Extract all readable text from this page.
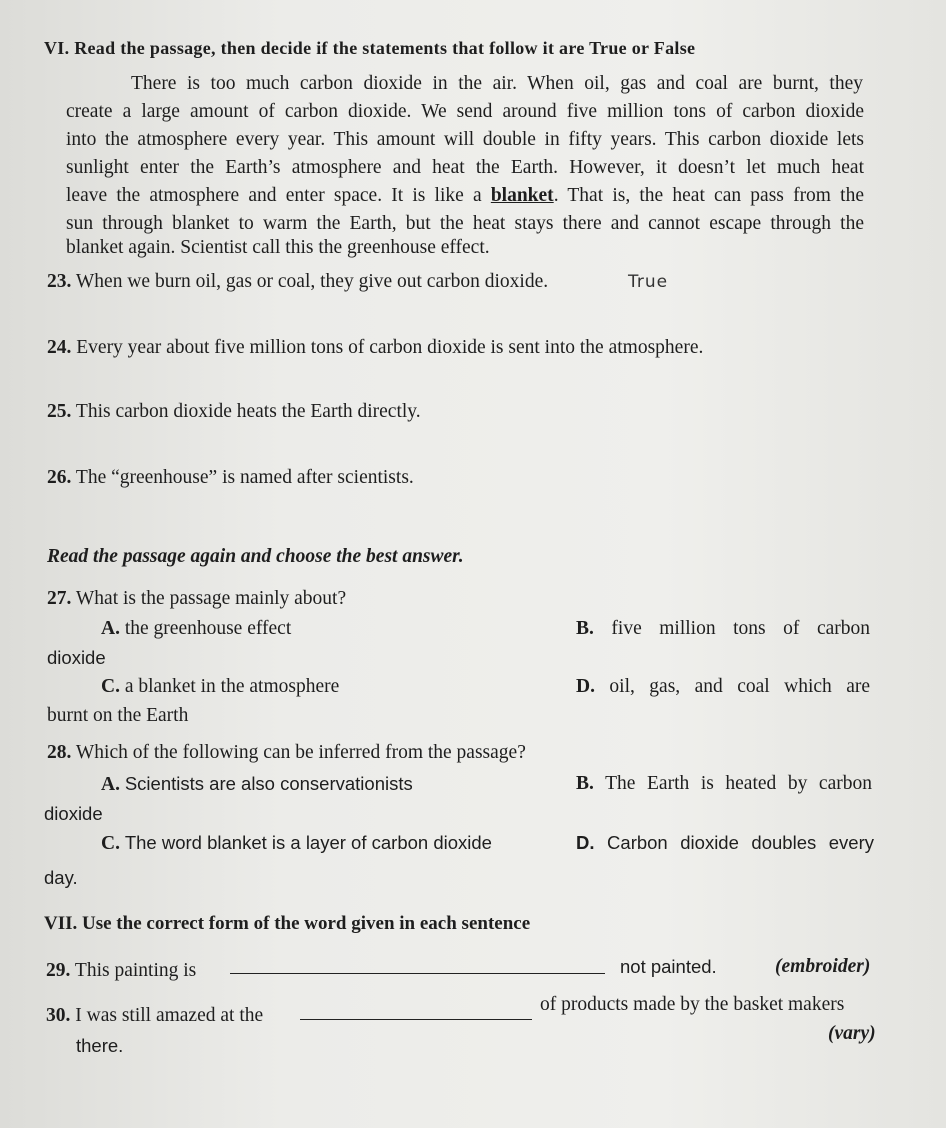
VI. Read the passage, then decide if the statements that follow it are True or False
There is too much carbon dioxide in the air. When oil, gas and coal are burnt, they
create a large amount of carbon dioxide. We send around five million tons of carbon dioxide
into the atmosphere every year. This amount will double in fifty years. This carbon dioxide lets
sunlight enter the Earth’s atmosphere and heat the Earth. However, it doesn’t let much heat
leave the atmosphere and enter space. It is like a blanket. That is, the heat can pass from the
sun through blanket to warm the Earth, but the heat stays there and cannot escape through the
blanket again. Scientist call this the greenhouse effect.
23. When we burn oil, gas or coal, they give out carbon dioxide.	True
24. Every year about five million tons of carbon dioxide is sent into the atmosphere.
25. This carbon dioxide heats the Earth directly.
26. The “greenhouse” is named after scientists.
Read the passage again and choose the best answer.
27. What is the passage mainly about?
A. the greenhouse effect	B. five million tons of carbon
dioxide
C. a blanket in the atmosphere	D. oil, gas, and coal which are
burnt on the Earth
28. Which of the following can be inferred from the passage?
A. Scientists are also conservationists	B. The Earth is heated by carbon
dioxide
C. The word blanket is a layer of carbon dioxide	D. Carbon dioxide doubles every
day.
VII. Use the correct form of the word given in each sentence
29. This painting is	not painted.	(embroider)
30. I was still amazed at the
of products made by the basket makers
there.
(vary)
